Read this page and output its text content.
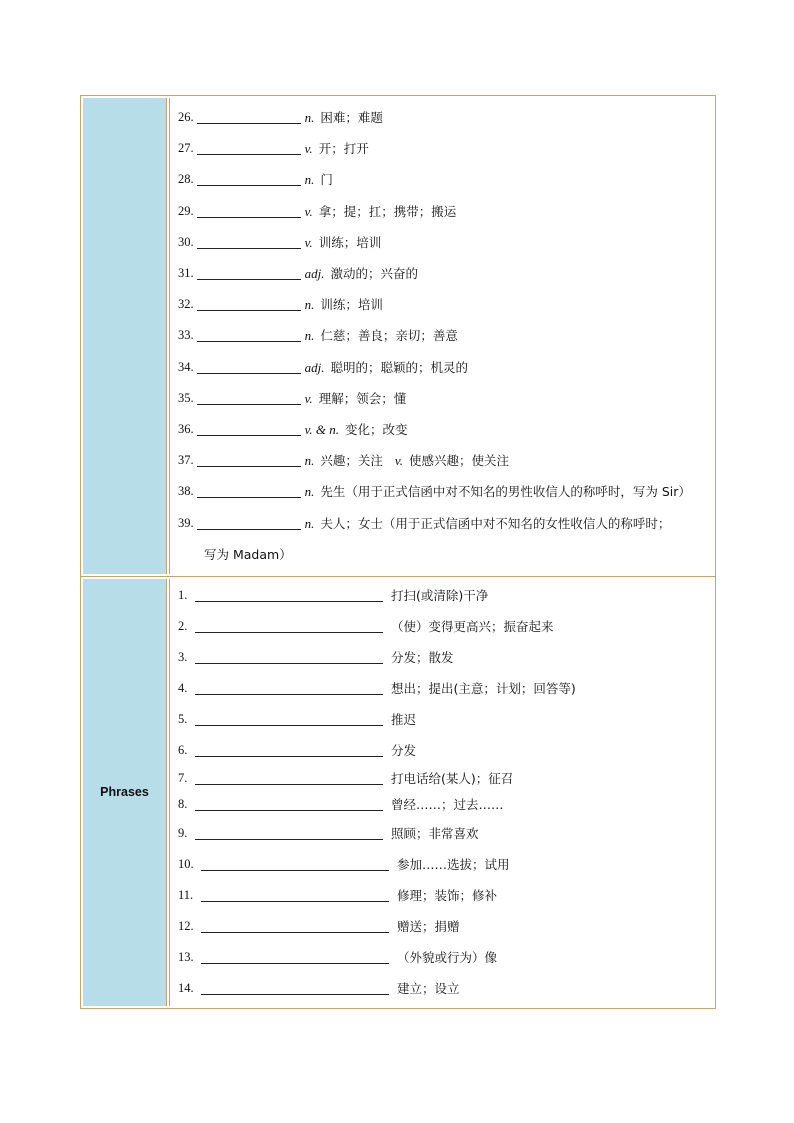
26.	n. 困难；难题
27.	v. 开；打开
28.	n. 门
29.	v. 拿；提；扛；携带；搬运
30.	v. 训练；培训
31.	adj. 激动的；兴奋的
32.	n. 训练；培训
33.	n. 仁慈；善良；亲切；善意
34.	adj. 聪明的；聪颖的；机灵的
35.	v. 理解；领会；懂
36.	v. & n. 变化；改变
37.	n. 兴趣；关注 v. 使感兴趣；使关注
38.	n. 先生（用于正式信函中对不知名的男性收信人的称呼时，写为 Sir）
39.	n. 夫人；女士（用于正式信函中对不知名的女性收信人的称呼时；
写为 Madam）
Phrases
1.	打扫(或清除)干净
2.	（使）变得更高兴；振奋起来
3.	分发；散发
4.	想出；提出(主意；计划；回答等)
5.	推迟
6.	分发
7.	打电话给(某人)；征召
8.	曾经……；过去……
9.	照顾；非常喜欢
10.	参加……选拔；试用
11.	修理；装饰；修补
12.	赠送；捐赠
13.	（外貌或行为）像
14.	建立；设立
